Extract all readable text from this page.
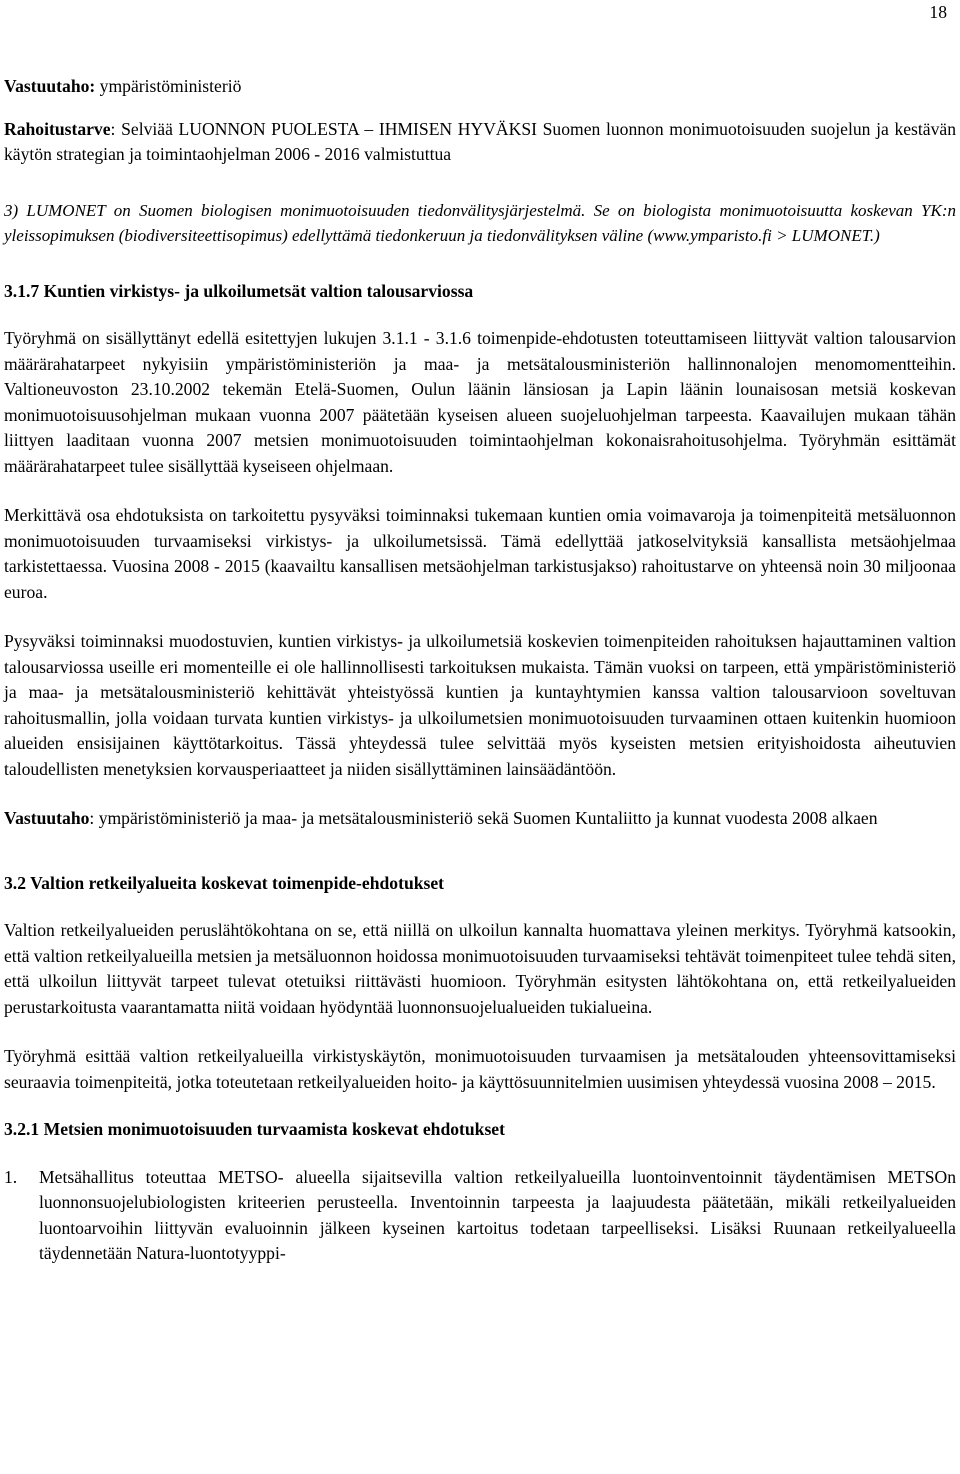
18

Vastuutaho: ympäristöministeriö

Rahoitustarve: Selviää LUONNON PUOLESTA – IHMISEN HYVÄKSI Suomen luonnon monimuotoisuuden suojelun ja kestävän käytön strategian ja toimintaohjelman 2006 - 2016 valmistuttua

3) LUMONET on Suomen biologisen monimuotoisuuden tiedonvälitysjärjestelmä. Se on biologista monimuotoisuutta koskevan YK:n yleissopimuksen (biodiversiteettisopimus) edellyttämä tiedonkeruun ja tiedonvälityksen väline (www.ymparisto.fi > LUMONET.)

3.1.7 Kuntien virkistys- ja ulkoilumetsät valtion talousarviossa

Työryhmä on sisällyttänyt edellä esitettyjen lukujen 3.1.1 - 3.1.6 toimenpide-ehdotusten toteuttamiseen liittyvät valtion talousarvion määrärahatarpeet nykyisiin ympäristöministeriön ja maa- ja metsätalousministeriön hallinnonalojen menomomentteihin. Valtioneuvoston 23.10.2002 tekemän Etelä-Suomen, Oulun läänin länsiosan ja Lapin läänin lounaisosan metsiä koskevan monimuotoisuusohjelman mukaan vuonna 2007 päätetään kyseisen alueen suojeluohjelman tarpeesta. Kaavailujen mukaan tähän liittyen laaditaan vuonna 2007 metsien monimuotoisuuden toimintaohjelman kokonaisrahoitusohjelma. Työryhmän esittämät määrärahatarpeet tulee sisällyttää kyseiseen ohjelmaan.

Merkittävä osa ehdotuksista on tarkoitettu pysyväksi toiminnaksi tukemaan kuntien omia voimavaroja ja toimenpiteitä metsäluonnon monimuotoisuuden turvaamiseksi virkistys- ja ulkoilumetsissä. Tämä edellyttää jatkoselvityksiä kansallista metsäohjelmaa tarkistettaessa. Vuosina 2008 - 2015 (kaavailtu kansallisen metsäohjelman tarkistusjakso) rahoitustarve on yhteensä noin 30 miljoonaa euroa.

Pysyväksi toiminnaksi muodostuvien, kuntien virkistys- ja ulkoilumetsiä koskevien toimenpiteiden rahoituksen hajauttaminen valtion talousarviossa useille eri momenteille ei ole hallinnollisesti tarkoituksen mukaista. Tämän vuoksi on tarpeen, että ympäristöministeriö ja maa- ja metsätalousministeriö kehittävät yhteistyössä kuntien ja kuntayhtymien kanssa valtion talousarvioon soveltuvan rahoitusmallin, jolla voidaan turvata kuntien virkistys- ja ulkoilumetsien monimuotoisuuden turvaaminen ottaen kuitenkin huomioon alueiden ensisijainen käyttötarkoitus. Tässä yhteydessä tulee selvittää myös kyseisten metsien erityishoidosta aiheutuvien taloudellisten menetyksien korvausperiaatteet ja niiden sisällyttäminen lainsäädäntöön.

Vastuutaho: ympäristöministeriö ja maa- ja metsätalousministeriö sekä Suomen Kuntaliitto ja kunnat vuodesta 2008 alkaen

3.2 Valtion retkeilyalueita koskevat toimenpide-ehdotukset

Valtion retkeilyalueiden peruslähtökohtana on se, että niillä on ulkoilun kannalta huomattava yleinen merkitys. Työryhmä katsookin, että valtion retkeilyalueilla metsien ja metsäluonnon hoidossa monimuotoisuuden turvaamiseksi tehtävät toimenpiteet tulee tehdä siten, että ulkoilun liittyvät tarpeet tulevat otetuiksi riittävästi huomioon. Työryhmän esitysten lähtökohtana on, että retkeilyalueiden perustarkoitusta vaarantamatta niitä voidaan hyödyntää luonnonsuojelualueiden tukialueina.

Työryhmä esittää valtion retkeilyalueilla virkistyskäytön, monimuotoisuuden turvaamisen ja metsätalouden yhteensovittamiseksi seuraavia toimenpiteitä, jotka toteutetaan retkeilyalueiden hoito- ja käyttösuunnitelmien uusimisen yhteydessä vuosina 2008 – 2015.

3.2.1 Metsien monimuotoisuuden turvaamista koskevat ehdotukset
1. Metsähallitus toteuttaa METSO- alueella sijaitsevilla valtion retkeilyalueilla luontoinventoinnit täydentämisen METSOn luonnonsuojelubiologisten kriteerien perusteella. Inventoinnin tarpeesta ja laajuudesta päätetään, mikäli retkeilyalueiden luontoarvoihin liittyvän evaluoinnin jälkeen kyseinen kartoitus todetaan tarpeelliseksi. Lisäksi Ruunaan retkeilyalueella täydennetään Natura-luontotyyppi-
